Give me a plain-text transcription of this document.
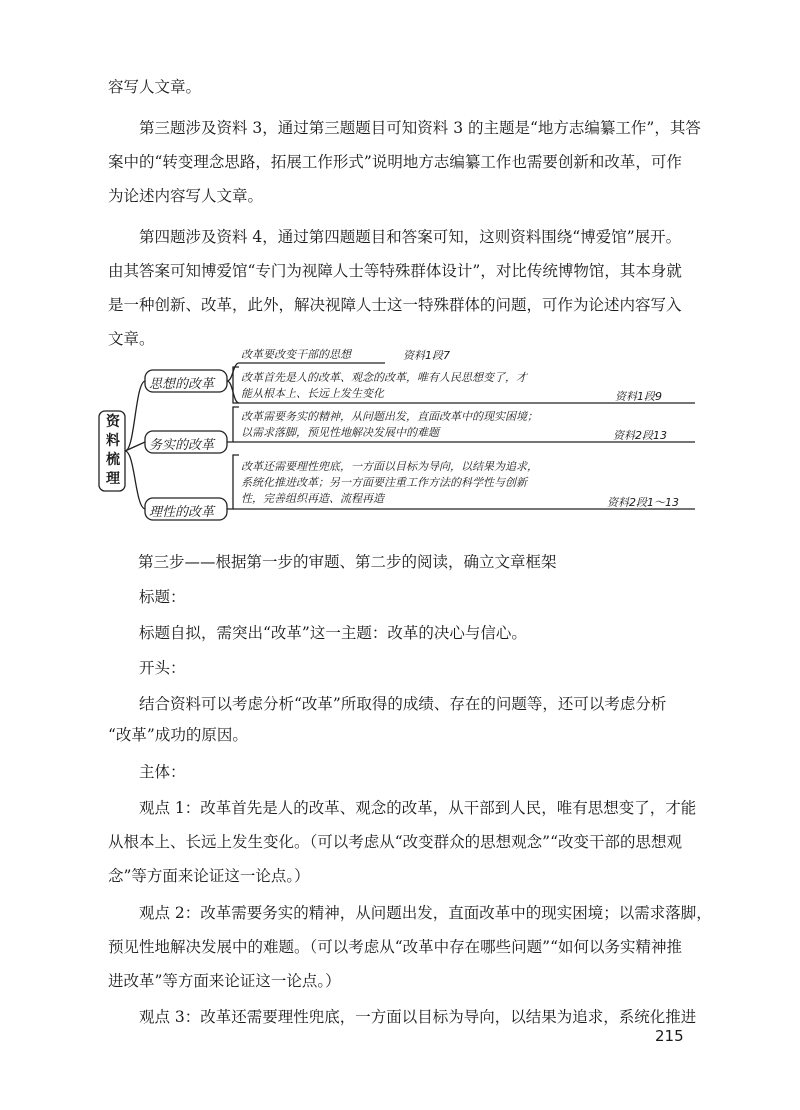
容写人文章。

第三题涉及资料 3，通过第三题题目可知资料 3 的主题是“地方志编纂工作”，其答

案中的“转变理念思路，拓展工作形式”说明地方志编纂工作也需要创新和改革，可作

为论述内容写人文章。

第四题涉及资料 4，通过第四题题目和答案可知，这则资料围绕“博爱馆”展开。

由其答案可知博爱馆“专门为视障人士等特殊群体设计”，对比传统博物馆，其本身就

是一种创新、改革，此外，解决视障人士这一特殊群体的问题，可作为论述内容写入

文章。

资料梳理
思想的改革
务实的改革
理性的改革
改革要改变干部的思想	资料1段7
改革首先是人的改革、观念的改革，唯有人民思想变了，才
能从根本上、长远上发生变化	资料1段9
改革需要务实的精神，从问题出发，直面改革中的现实困境；
以需求落脚，预见性地解决发展中的难题	资料2段13
改革还需要理性兜底，一方面以目标为导向，以结果为追求，
系统化推进改革；另一方面要注重工作方法的科学性与创新
性，完善组织再造、流程再造	资料2段1～13
第三步——根据第一步的审题、第二步的阅读，确立文章框架

标题：

标题自拟，需突出“改革”这一主题：改革的决心与信心。

开头：

结合资料可以考虑分析“改革”所取得的成绩、存在的问题等，还可以考虑分析

“改革”成功的原因。

主体：

观点 1：改革首先是人的改革、观念的改革，从干部到人民，唯有思想变了，才能

从根本上、长远上发生变化。（可以考虑从“改变群众的思想观念”“改变干部的思想观

念”等方面来论证这一论点。）

观点 2：改革需要务实的精神，从问题出发，直面改革中的现实困境；以需求落脚，

预见性地解决发展中的难题。（可以考虑从“改革中存在哪些问题”“如何以务实精神推

进改革”等方面来论证这一论点。）

观点 3：改革还需要理性兜底，一方面以目标为导向，以结果为追求，系统化推进

215
